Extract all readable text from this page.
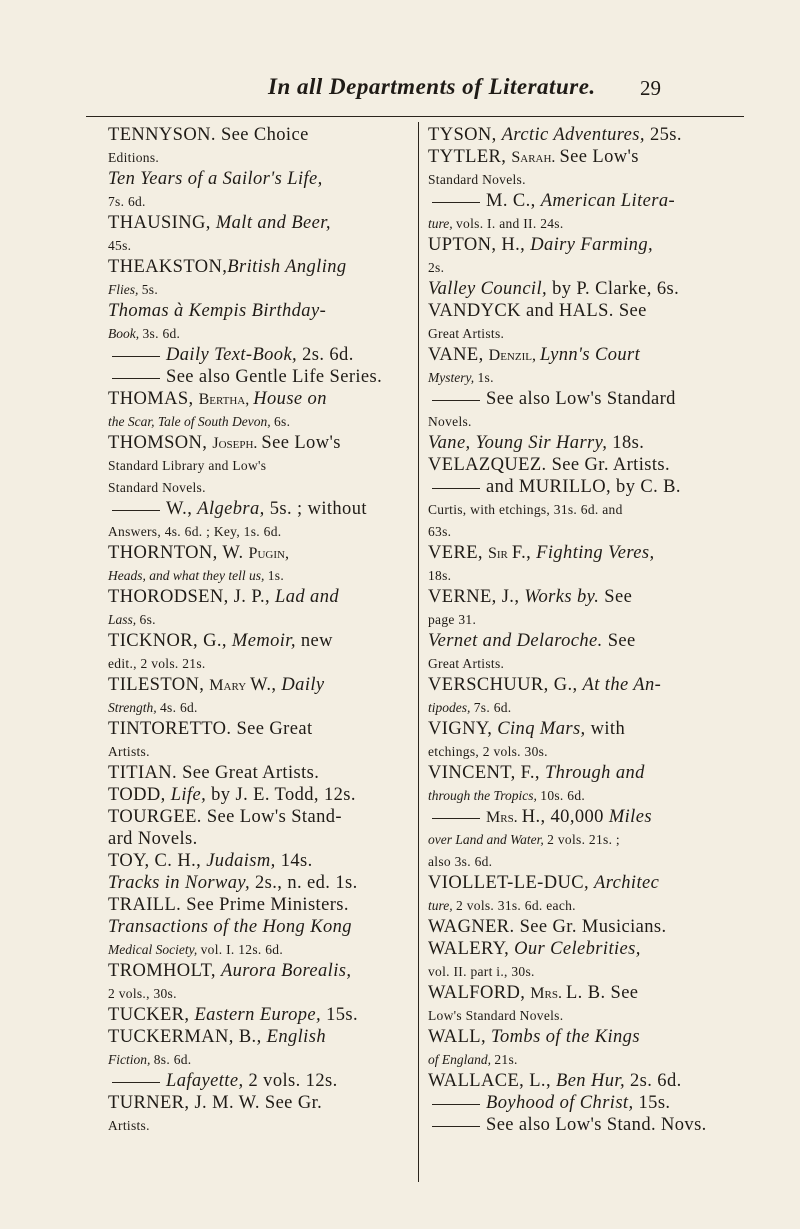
In all Departments of Literature. 29
TENNYSON. See Choice
Editions.
Ten Years of a Sailor's Life,
7s. 6d.
THAUSING, Malt and Beer,
45s.
THEAKSTON,British Angling
Flies, 5s.
Thomas à Kempis Birthday-
Book, 3s. 6d.
Daily Text-Book, 2s. 6d.
See also Gentle Life Series.
THOMAS, Bertha, House on
the Scar, Tale of South Devon, 6s.
THOMSON, Joseph. See Low's
Standard Library and Low's
Standard Novels.
W., Algebra, 5s. ; without
Answers, 4s. 6d. ; Key, 1s. 6d.
THORNTON, W. Pugin,
Heads, and what they tell us, 1s.
THORODSEN, J. P., Lad and
Lass, 6s.
TICKNOR, G., Memoir, new
edit., 2 vols. 21s.
TILESTON, Mary W., Daily
Strength, 4s. 6d.
TINTORETTO. See Great
Artists.
TITIAN. See Great Artists.
TODD, Life, by J. E. Todd, 12s.
TOURGEE. See Low's Stand-
ard Novels.
TOY, C. H., Judaism, 14s.
Tracks in Norway, 2s., n. ed. 1s.
TRAILL. See Prime Ministers.
Transactions of the Hong Kong
Medical Society, vol. I. 12s. 6d.
TROMHOLT, Aurora Borealis,
2 vols., 30s.
TUCKER, Eastern Europe, 15s.
TUCKERMAN, B., English
Fiction, 8s. 6d.
Lafayette, 2 vols. 12s.
TURNER, J. M. W. See Gr.
Artists.
TYSON, Arctic Adventures, 25s.
TYTLER, Sarah. See Low's
Standard Novels.
M. C., American Litera-
ture, vols. I. and II. 24s.
UPTON, H., Dairy Farming,
2s.
Valley Council, by P. Clarke, 6s.
VANDYCK and HALS. See
Great Artists.
VANE, Denzil, Lynn's Court
Mystery, 1s.
See also Low's Standard
Novels.
Vane, Young Sir Harry, 18s.
VELAZQUEZ. See Gr. Artists.
and MURILLO, by C. B.
Curtis, with etchings, 31s. 6d. and
63s.
VERE, Sir F., Fighting Veres,
18s.
VERNE, J., Works by. See
page 31.
Vernet and Delaroche. See
Great Artists.
VERSCHUUR, G., At the An-
tipodes, 7s. 6d.
VIGNY, Cinq Mars, with
etchings, 2 vols. 30s.
VINCENT, F., Through and
through the Tropics, 10s. 6d.
Mrs. H., 40,000 Miles
over Land and Water, 2 vols. 21s. ;
also 3s. 6d.
VIOLLET-LE-DUC, Architec
ture, 2 vols. 31s. 6d. each.
WAGNER. See Gr. Musicians.
WALERY, Our Celebrities,
vol. II. part i., 30s.
WALFORD, Mrs. L. B. See
Low's Standard Novels.
WALL, Tombs of the Kings
of England, 21s.
WALLACE, L., Ben Hur, 2s. 6d.
Boyhood of Christ, 15s.
See also Low's Stand. Novs.
